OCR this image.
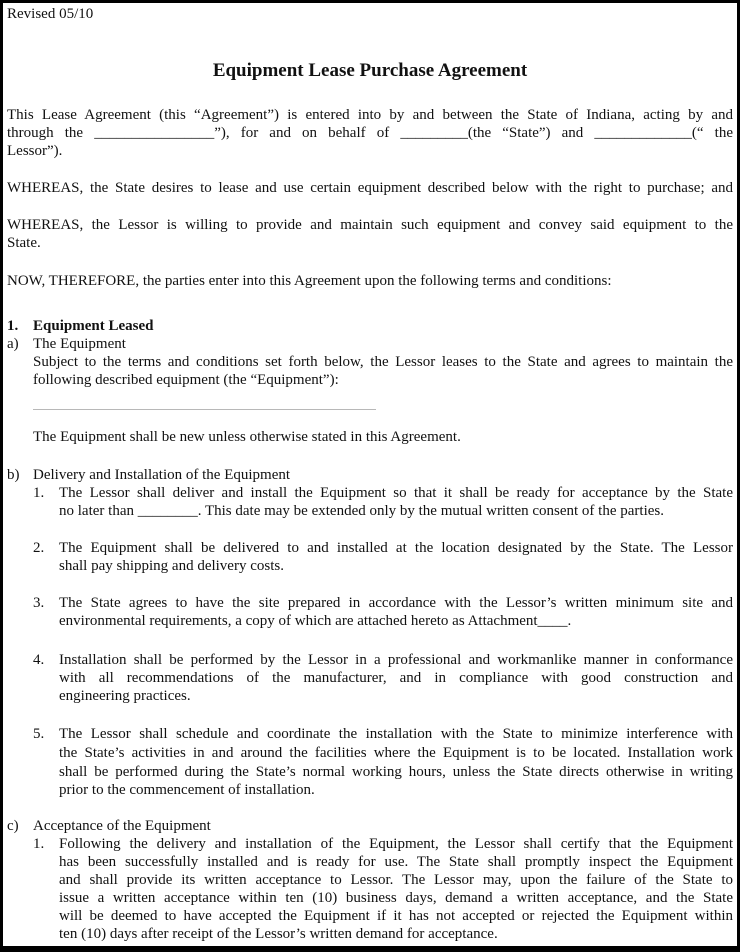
Revised 05/10
Equipment Lease Purchase Agreement
This Lease Agreement (this “Agreement”) is entered into by and between the State of Indiana, acting by and
through the ________________”), for and on behalf of _________(the “State”) and _____________(“ the
Lessor”).
WHEREAS, the State desires to lease and use certain equipment described below with the right to purchase; and
WHEREAS, the Lessor is willing to provide and maintain such equipment and convey said equipment to the
State.
NOW, THEREFORE, the parties enter into this Agreement upon the following terms and conditions:
1. Equipment Leased
a) The Equipment
Subject to the terms and conditions set forth below, the Lessor leases to the State and agrees to maintain the
following described equipment (the “Equipment”):
The Equipment shall be new unless otherwise stated in this Agreement.
b) Delivery and Installation of the Equipment
1. The Lessor shall deliver and install the Equipment so that it shall be ready for acceptance by the State
no later than ________. This date may be extended only by the mutual written consent of the parties.
2. The Equipment shall be delivered to and installed at the location designated by the State. The Lessor
shall pay shipping and delivery costs.
3. The State agrees to have the site prepared in accordance with the Lessor’s written minimum site and
environmental requirements, a copy of which are attached hereto as Attachment____.
4. Installation shall be performed by the Lessor in a professional and workmanlike manner in conformance
with all recommendations of the manufacturer, and in compliance with good construction and
engineering practices.
5. The Lessor shall schedule and coordinate the installation with the State to minimize interference with
the State’s activities in and around the facilities where the Equipment is to be located. Installation work
shall be performed during the State’s normal working hours, unless the State directs otherwise in writing
prior to the commencement of installation.
c) Acceptance of the Equipment
1. Following the delivery and installation of the Equipment, the Lessor shall certify that the Equipment
has been successfully installed and is ready for use. The State shall promptly inspect the Equipment
and shall provide its written acceptance to Lessor. The Lessor may, upon the failure of the State to
issue a written acceptance within ten (10) business days, demand a written acceptance, and the State
will be deemed to have accepted the Equipment if it has not accepted or rejected the Equipment within
ten (10) days after receipt of the Lessor’s written demand for acceptance.
